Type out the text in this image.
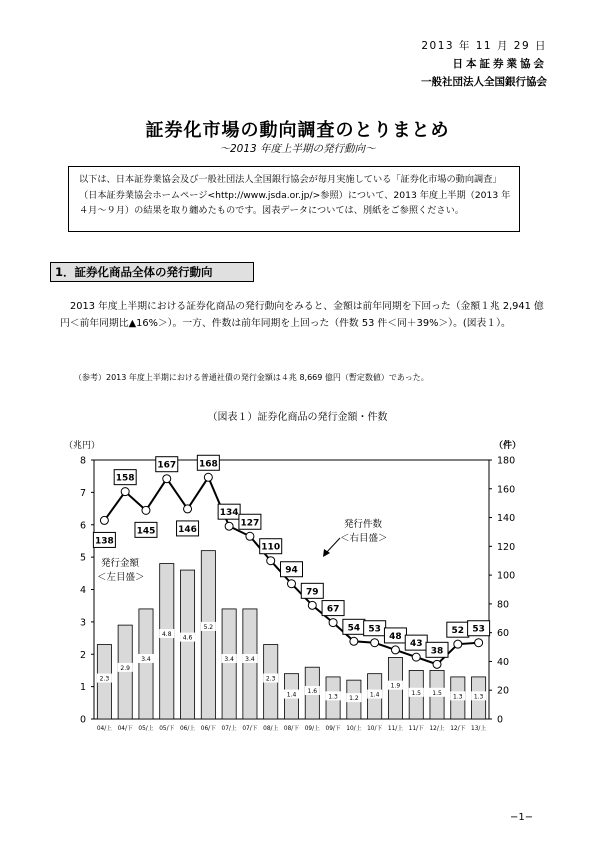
2013 年 11 月 29 日
日本証券業協会
一般社団法人全国銀行協会
証券化市場の動向調査のとりまとめ
～2013 年度上半期の発行動向～
以下は、日本証券業協会及び一般社団法人全国銀行協会が毎月実施している「証券化市場の動向調査」（日本証券業協会ホームページ<http://www.jsda.or.jp/>参照）について、2013 年度上半期（2013 年４月～９月）の結果を取り纏めたものです。図表データについては、別紙をご参照ください。
1．証券化商品全体の発行動向
2013 年度上半期における証券化商品の発行動向をみると、金額は前年同期を下回った（金額１兆 2,941 億円＜前年同期比▲16%＞）。一方、件数は前年同期を上回った（件数 53 件＜同＋39%＞）。(図表１）。
（参考）2013 年度上半期における普通社債の発行金額は４兆 8,669 億円（暫定数値）であった。
（図表１）証券化商品の発行金額・件数
0
1
2
3
4
5
6
7
8
0
20
40
60
80
100
120
140
160
180
（兆円）	（件）
2.3
2.9
3.4
4.8
4.6
5.2
3.4 3.4
2.3
1.4
1.6
1.3 1.2
1.4
1.9
1.5 1.5
1.3 1.3
04/上 04/下 05/上 05/下 06/上 06/下 07/上 07/下 08/上 08/下 09/上 09/下 10/上 10/下 11/上 11/下 12/上 12/下 13/上
138
158
145
167
146
168
134
127
110
94
79
67
54 53
48
43
38
52 53
発行金額
＜左目盛＞
発行件数
＜右目盛＞
−1−
